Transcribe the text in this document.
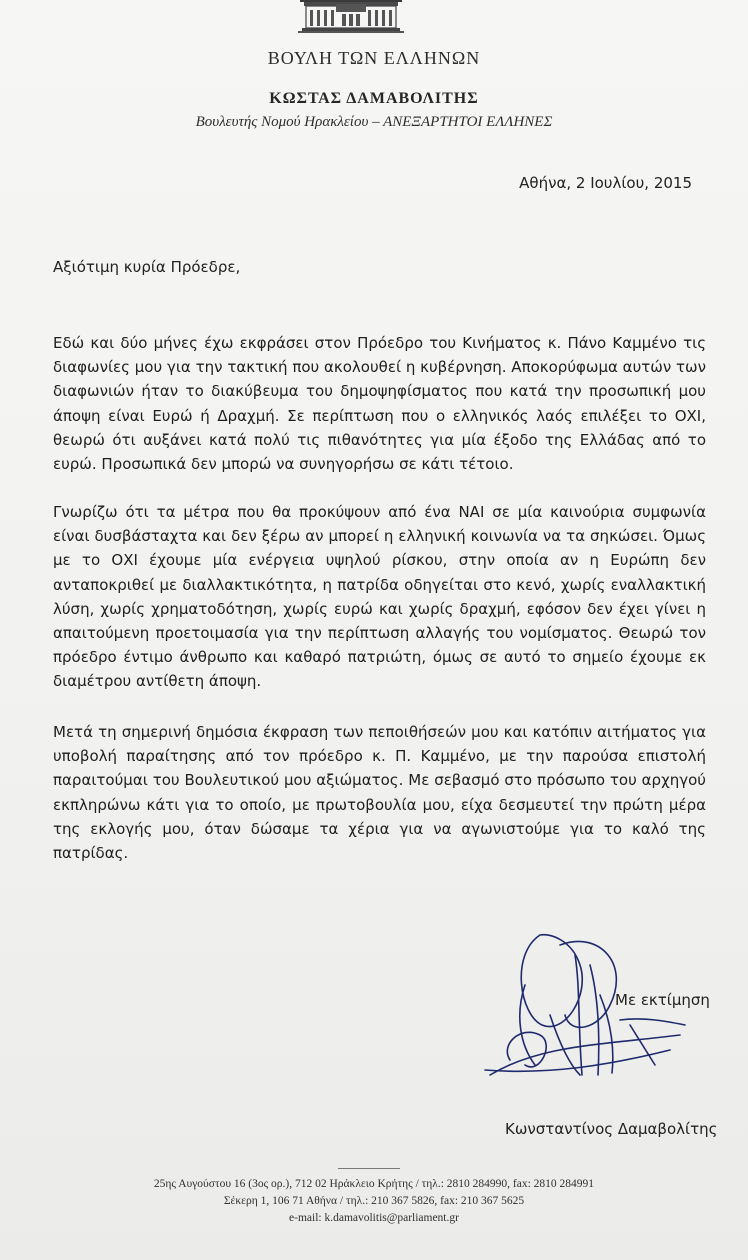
ΒΟΥΛΗ ΤΩΝ ΕΛΛΗΝΩΝ
ΚΩΣΤΑΣ ΔΑΜΑΒΟΛΙΤΗΣ
Βουλευτής Νομού Ηρακλείου – ΑΝΕΞΑΡΤΗΤΟΙ ΕΛΛΗΝΕΣ
Αθήνα, 2 Ιουλίου, 2015
Αξιότιμη κυρία Πρόεδρε,

Εδώ και δύο μήνες έχω εκφράσει στον Πρόεδρο του Κινήματος κ. Πάνο Καμμένο τις διαφωνίες μου για την τακτική που ακολουθεί η κυβέρνηση. Αποκορύφωμα αυτών των διαφωνιών ήταν το διακύβευμα του δημοψηφίσματος που κατά την προσωπική μου άποψη είναι Ευρώ ή Δραχμή. Σε περίπτωση που ο ελληνικός λαός επιλέξει το ΟΧΙ, θεωρώ ότι αυξάνει κατά πολύ τις πιθανότητες για μία έξοδο της Ελλάδας από το ευρώ. Προσωπικά δεν μπορώ να συνηγορήσω σε κάτι τέτοιο.

Γνωρίζω ότι τα μέτρα που θα προκύψουν από ένα ΝΑΙ σε μία καινούρια συμφωνία είναι δυσβάσταχτα και δεν ξέρω αν μπορεί η ελληνική κοινωνία να τα σηκώσει. Όμως με το ΟΧΙ έχουμε μία ενέργεια υψηλού ρίσκου, στην οποία αν η Ευρώπη δεν ανταποκριθεί με διαλλακτικότητα, η πατρίδα οδηγείται στο κενό, χωρίς εναλλακτική λύση, χωρίς χρηματοδότηση, χωρίς ευρώ και χωρίς δραχμή, εφόσον δεν έχει γίνει η απαιτούμενη προετοιμασία για την περίπτωση αλλαγής του νομίσματος. Θεωρώ τον πρόεδρο έντιμο άνθρωπο και καθαρό πατριώτη, όμως σε αυτό το σημείο έχουμε εκ διαμέτρου αντίθετη άποψη.

Μετά τη σημερινή δημόσια έκφραση των πεποιθήσεών μου και κατόπιν αιτήματος για υποβολή παραίτησης από τον πρόεδρο κ. Π. Καμμένο, με την παρούσα επιστολή παραιτούμαι του Βουλευτικού μου αξιώματος. Με σεβασμό στο πρόσωπο του αρχηγού εκπληρώνω κάτι για το οποίο, με πρωτοβουλία μου, είχα δεσμευτεί την πρώτη μέρα της εκλογής μου, όταν δώσαμε τα χέρια για να αγωνιστούμε για το καλό της πατρίδας.

Με εκτίμηση
Κωνσταντίνος Δαμαβολίτης
25ης Αυγούστου 16 (3ος ορ.), 712 02 Ηράκλειο Κρήτης / τηλ.: 2810 284990, fax: 2810 284991
Σέκερη 1, 106 71 Αθήνα / τηλ.: 210 367 5826, fax: 210 367 5625
e-mail: k.damavolitis@parliament.gr
